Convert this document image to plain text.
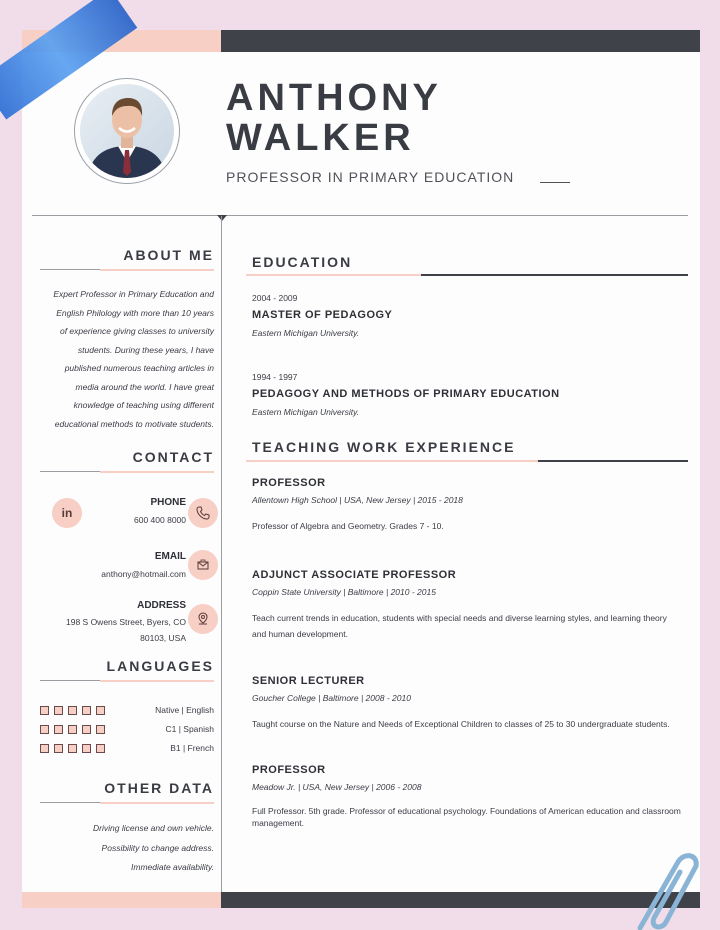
ANTHONY
WALKER
PROFESSOR IN PRIMARY EDUCATION
ABOUT ME
Expert Professor in Primary Education and
English Philology with more than 10 years
of experience giving classes to university
students. During these years, I have
published numerous teaching articles in
media around the world. I have great
knowledge of teaching using different
educational methods to motivate students.
CONTACT
in
PHONE
600 400 8000
EMAIL
anthony@hotmail.com
ADDRESS
198 S Owens Street, Byers, CO
80103, USA
LANGUAGES
Native | English
C1 | Spanish
B1 | French
OTHER DATA
Driving license and own vehicle.
Possibility to change address.
Immediate availability.
EDUCATION
2004 - 2009
MASTER OF PEDAGOGY
Eastern Michigan University.
1994 - 1997
PEDAGOGY AND METHODS OF PRIMARY EDUCATION
Eastern Michigan University.
TEACHING WORK EXPERIENCE
PROFESSOR
Allentown High School | USA, New Jersey | 2015 - 2018
Professor of Algebra and Geometry. Grades 7 - 10.
ADJUNCT ASSOCIATE PROFESSOR
Coppin State University | Baltimore | 2010 - 2015
Teach current trends in education, students with special needs and diverse learning styles, and learning theory and human development.
SENIOR LECTURER
Goucher College | Baltimore | 2008 - 2010
Taught course on the Nature and Needs of Exceptional Children to classes of 25 to 30 undergraduate students.
PROFESSOR
Meadow Jr. | USA, New Jersey | 2006 - 2008
Full Professor. 5th grade. Professor of educational psychology. Foundations of American education and classroom management.
